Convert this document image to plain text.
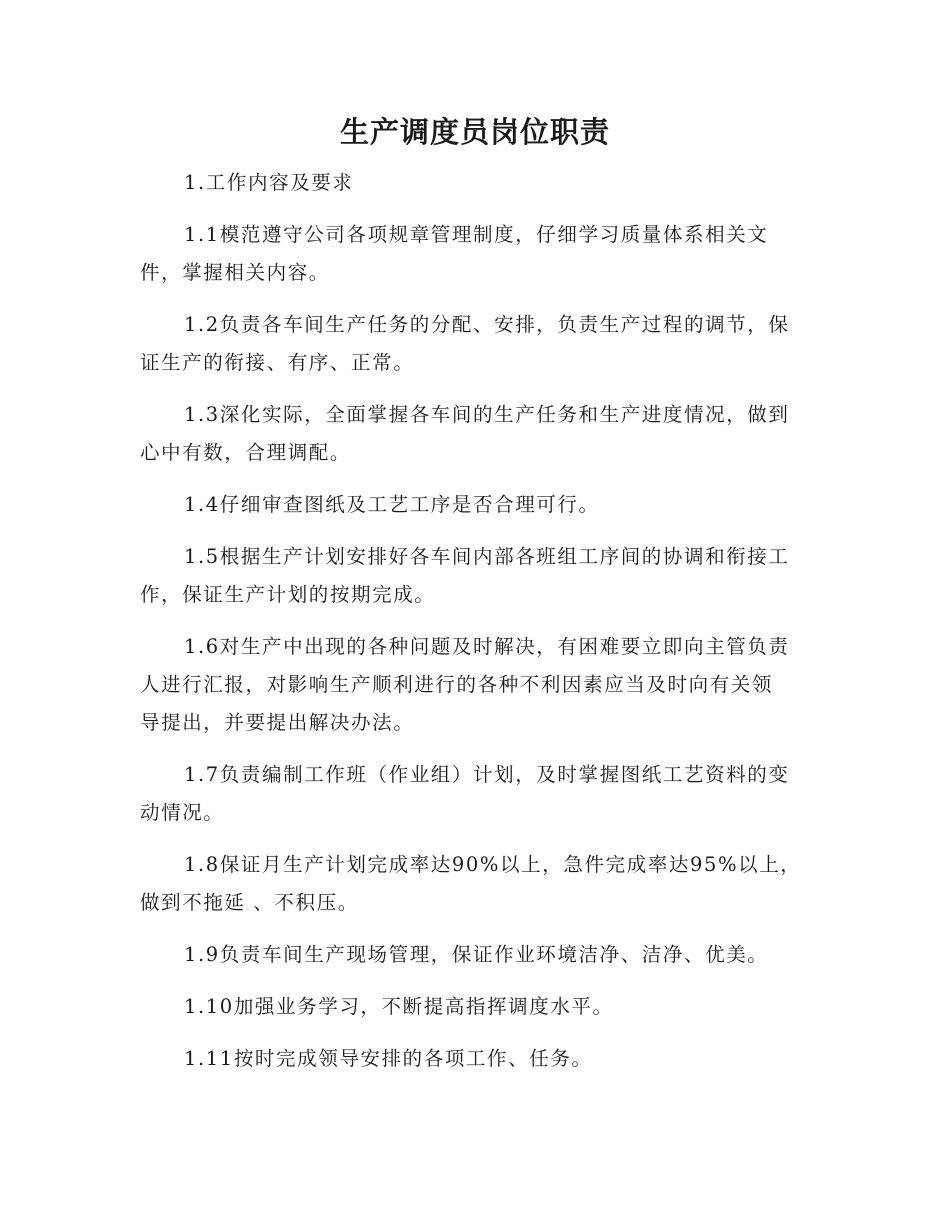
生产调度员岗位职责

1.工作内容及要求

1.1模范遵守公司各项规章管理制度，仔细学习质量体系相关文
件，掌握相关内容。

1.2负责各车间生产任务的分配、安排，负责生产过程的调节，保
证生产的衔接、有序、正常。

1.3深化实际，全面掌握各车间的生产任务和生产进度情况，做到
心中有数，合理调配。

1.4仔细审查图纸及工艺工序是否合理可行。

1.5根据生产计划安排好各车间内部各班组工序间的协调和衔接工
作，保证生产计划的按期完成。

1.6对生产中出现的各种问题及时解决，有困难要立即向主管负责
人进行汇报，对影响生产顺利进行的各种不利因素应当及时向有关领
导提出，并要提出解决办法。

1.7负责编制工作班（作业组）计划，及时掌握图纸工艺资料的变
动情况。

1.8保证月生产计划完成率达90%以上，急件完成率达95%以上，
做到不拖延 、不积压。

1.9负责车间生产现场管理，保证作业环境洁净、洁净、优美。

1.10加强业务学习，不断提高指挥调度水平。

1.11按时完成领导安排的各项工作、任务。
